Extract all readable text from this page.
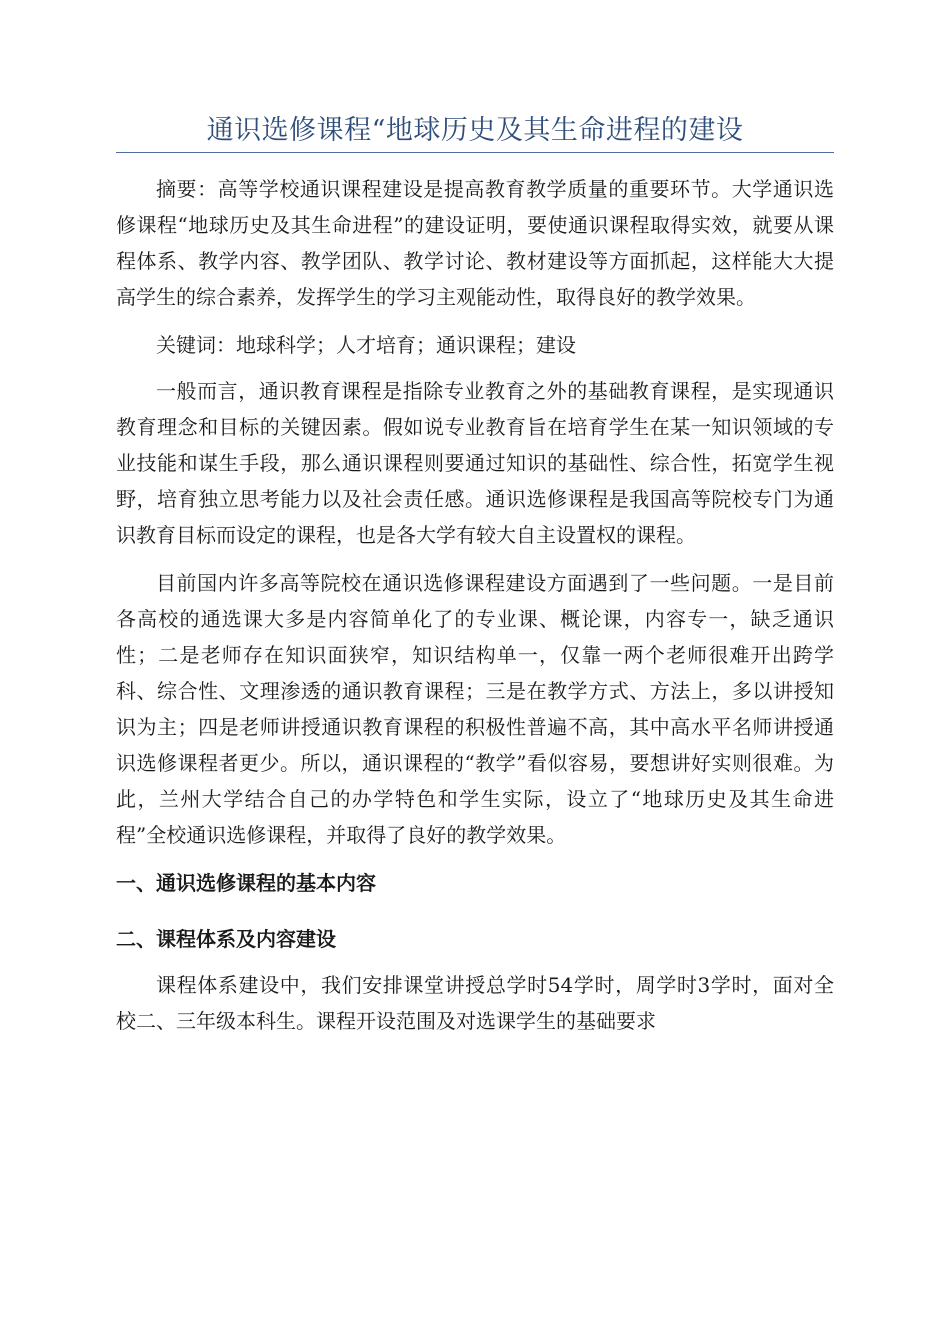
通识选修课程“地球历史及其生命进程的建设

摘要：高等学校通识课程建设是提高教育教学质量的重要环节。大学通识选修课程“地球历史及其生命进程”的建设证明，要使通识课程取得实效，就要从课程体系、教学内容、教学团队、教学讨论、教材建设等方面抓起，这样能大大提高学生的综合素养，发挥学生的学习主观能动性，取得良好的教学效果。

关键词：地球科学；人才培育；通识课程；建设

一般而言，通识教育课程是指除专业教育之外的基础教育课程，是实现通识教育理念和目标的关键因素。假如说专业教育旨在培育学生在某一知识领域的专业技能和谋生手段，那么通识课程则要通过知识的基础性、综合性，拓宽学生视野，培育独立思考能力以及社会责任感。通识选修课程是我国高等院校专门为通识教育目标而设定的课程，也是各大学有较大自主设置权的课程。

目前国内许多高等院校在通识选修课程建设方面遇到了一些问题。一是目前各高校的通选课大多是内容简单化了的专业课、概论课，内容专一，缺乏通识性；二是老师存在知识面狭窄，知识结构单一，仅靠一两个老师很难开出跨学科、综合性、文理渗透的通识教育课程；三是在教学方式、方法上，多以讲授知识为主；四是老师讲授通识教育课程的积极性普遍不高，其中高水平名师讲授通识选修课程者更少。所以，通识课程的“教学”看似容易，要想讲好实则很难。为此，兰州大学结合自己的办学特色和学生实际，设立了“地球历史及其生命进程”全校通识选修课程，并取得了良好的教学效果。

一、通识选修课程的基本内容
二、课程体系及内容建设

课程体系建设中，我们安排课堂讲授总学时54学时，周学时3学时，面对全校二、三年级本科生。课程开设范围及对选课学生的基础要求
